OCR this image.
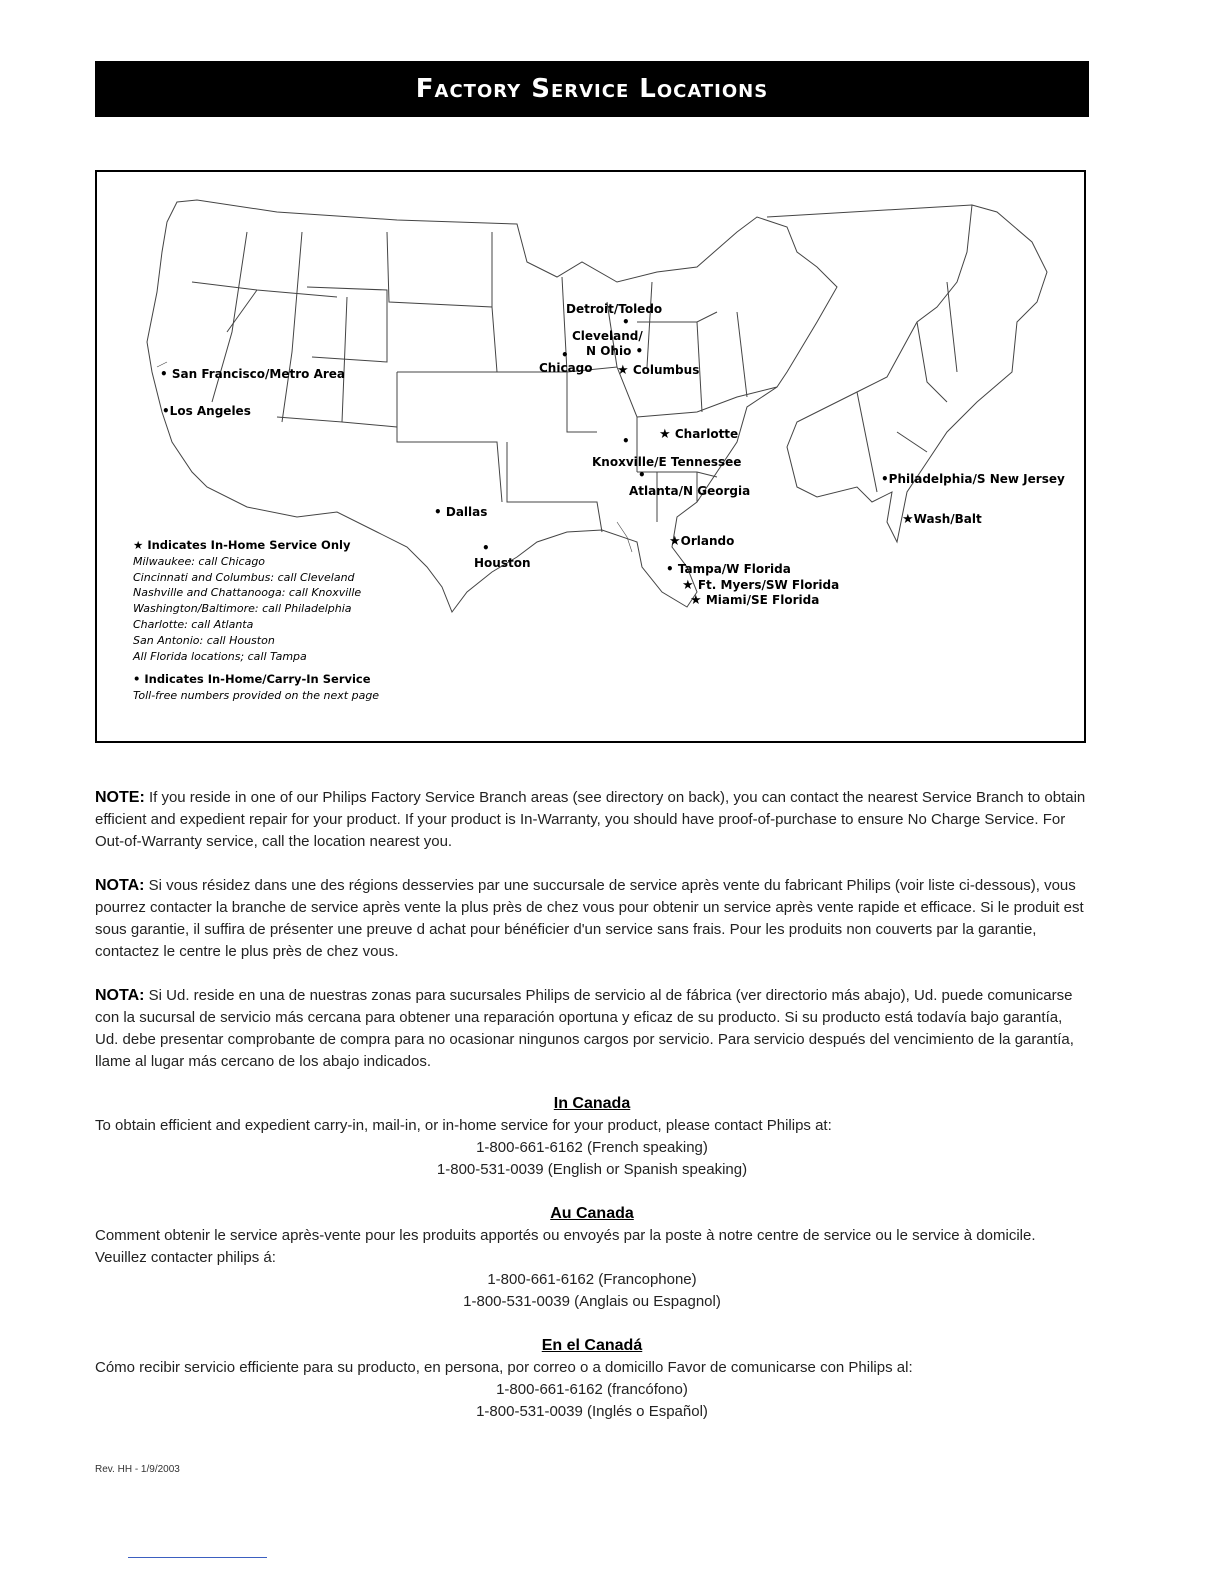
Factory Service Locations
Detroit/Toledo
•
Cleveland/
N Ohio •
•
Chicago ★ Columbus
• San Francisco/Metro Area
•Los Angeles
★ Charlotte
•
Knoxville/E Tennessee
•
Atlanta/N Georgia
•Philadelphia/S New Jersey
• Dallas	★Wash/Balt
★Orlando
•
Houston	• Tampa/W Florida
★ Ft. Myers/SW Florida
★ Miami/SE Florida
★ Indicates In-Home Service Only
Milwaukee: call Chicago
Cincinnati and Columbus: call Cleveland
Nashville and Chattanooga: call Knoxville
Washington/Baltimore: call Philadelphia
Charlotte: call Atlanta
San Antonio: call Houston
All Florida locations; call Tampa
• Indicates In-Home/Carry-In Service
Toll-free numbers provided on the next page
NOTE: If you reside in one of our Philips Factory Service Branch areas (see directory on back), you can contact the nearest Service Branch to obtain efficient and expedient repair for your product. If your product is In-Warranty, you should have proof-of-purchase to ensure No Charge Service. For Out-of-Warranty service, call the location nearest you.
NOTA: Si vous résidez dans une des régions desservies par une succursale de service après vente du fabricant Philips (voir liste ci-dessous), vous pourrez contacter la branche de service après vente la plus près de chez vous pour obtenir un service après vente rapide et efficace. Si le produit est sous garantie, il suffira de présenter une preuve d achat pour bénéficier d'un service sans frais. Pour les produits non couverts par la garantie, contactez le centre le plus près de chez vous.
NOTA: Si Ud. reside en una de nuestras zonas para sucursales Philips de servicio al de fábrica (ver directorio más abajo), Ud. puede comunicarse con la sucursal de servicio más cercana para obtener una reparación oportuna y eficaz de su producto. Si su producto está todavía bajo garantía, Ud. debe presentar comprobante de compra para no ocasionar ningunos cargos por servicio. Para servicio después del vencimiento de la garantía, llame al lugar más cercano de los abajo indicados.
In Canada
To obtain efficient and expedient carry-in, mail-in, or in-home service for your product, please contact Philips at:
1-800-661-6162 (French speaking)
1-800-531-0039 (English or Spanish speaking)
Au Canada
Comment obtenir le service après-vente pour les produits apportés ou envoyés par la poste à notre centre de service ou le service à domicile. Veuillez contacter philips á:
1-800-661-6162 (Francophone)
1-800-531-0039 (Anglais ou Espagnol)
En el Canadá
Cómo recibir servicio efficiente para su producto, en persona, por correo o a domicillo Favor de comunicarse con Philips al:
1-800-661-6162 (francófono)
1-800-531-0039 (Inglés o Español)
Rev. HH - 1/9/2003
